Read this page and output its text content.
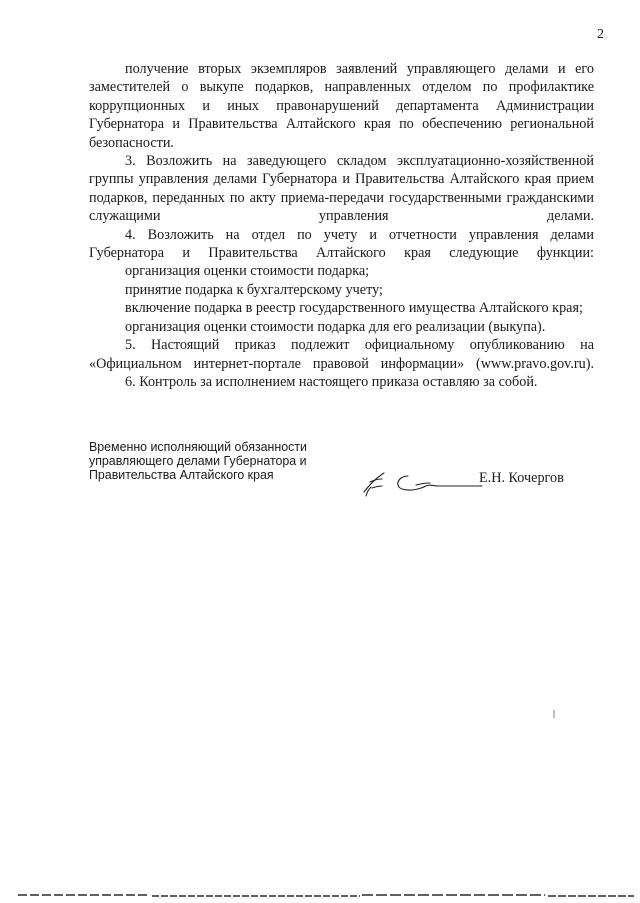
2

получение вторых экземпляров заявлений управляющего делами и его заместителей о выкупе подарков, направленных отделом по профилактике коррупционных и иных правонарушений департамента Администрации Губернатора и Правительства Алтайского края по обеспечению региональной безопасности.

3. Возложить на заведующего складом эксплуатационно-хозяйственной группы управления делами Губернатора и Правительства Алтайского края прием подарков, переданных по акту приема-передачи государственными гражданскими служащими управления делами.

4. Возложить на отдел по учету и отчетности управления делами Губернатора и Правительства Алтайского края следующие функции:

организация оценки стоимости подарка;

принятие подарка к бухгалтерскому учету;

включение подарка в реестр государственного имущества Алтайского края;

организация оценки стоимости подарка для его реализации (выкупа).

5. Настоящий приказ подлежит официальному опубликованию на «Официальном интернет-портале правовой информации» (www.pravo.gov.ru).

6. Контроль за исполнением настоящего приказа оставляю за собой.

Временно исполняющий обязанности
управляющего делами Губернатора и
Правительства Алтайского края	Е.Н. Кочергов
